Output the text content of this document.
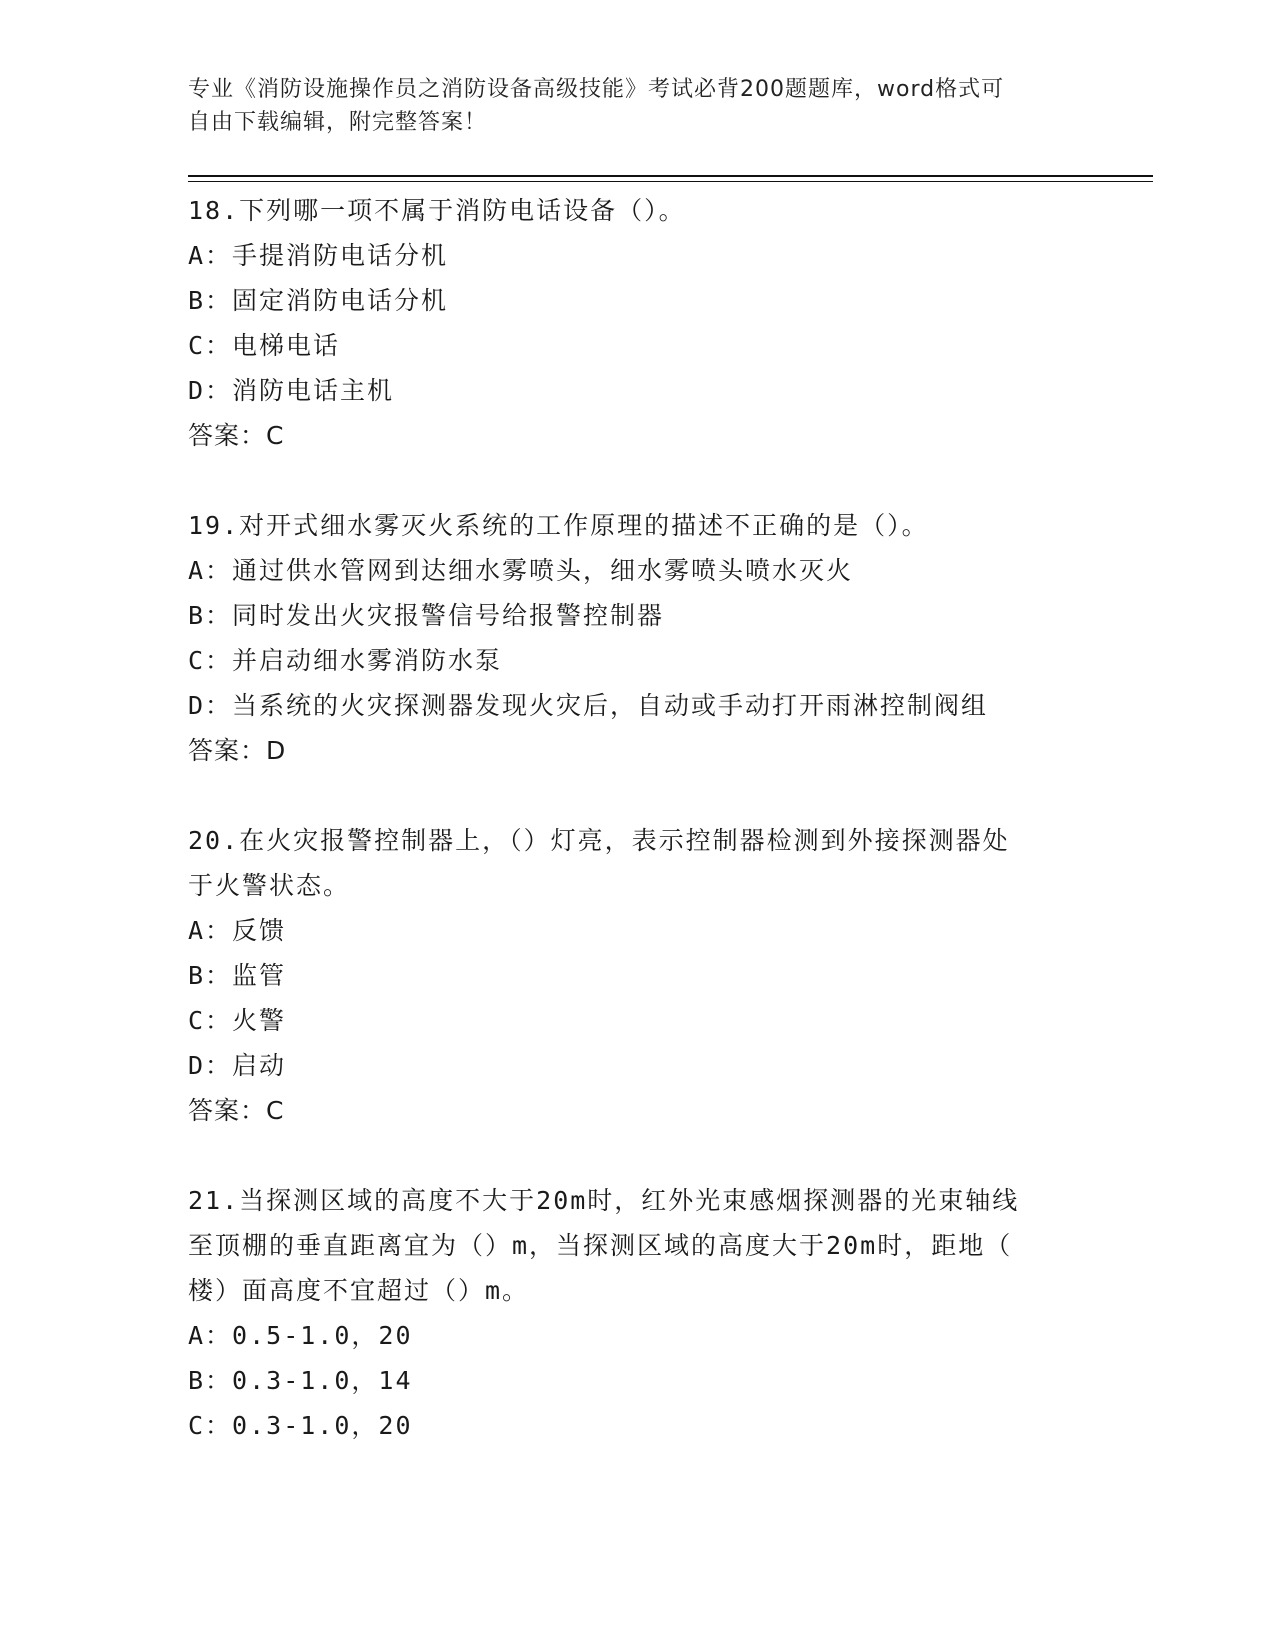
专业《消防设施操作员之消防设备高级技能》考试必背200题题库，word格式可
自由下载编辑，附完整答案！
18.下列哪一项不属于消防电话设备（）。
A：手提消防电话分机
B：固定消防电话分机
C：电梯电话
D：消防电话主机
答案：C
19.对开式细水雾灭火系统的工作原理的描述不正确的是（）。
A：通过供水管网到达细水雾喷头，细水雾喷头喷水灭火
B：同时发出火灾报警信号给报警控制器
C：并启动细水雾消防水泵
D：当系统的火灾探测器发现火灾后，自动或手动打开雨淋控制阀组
答案：D
20.在火灾报警控制器上，（）灯亮，表示控制器检测到外接探测器处
于火警状态。
A：反馈
B：监管
C：火警
D：启动
答案：C
21.当探测区域的高度不大于20m时，红外光束感烟探测器的光束轴线
至顶棚的垂直距离宜为（）m，当探测区域的高度大于20m时，距地（
楼）面高度不宜超过（）m。
A：0.5-1.0，20
B：0.3-1.0，14
C：0.3-1.0，20
